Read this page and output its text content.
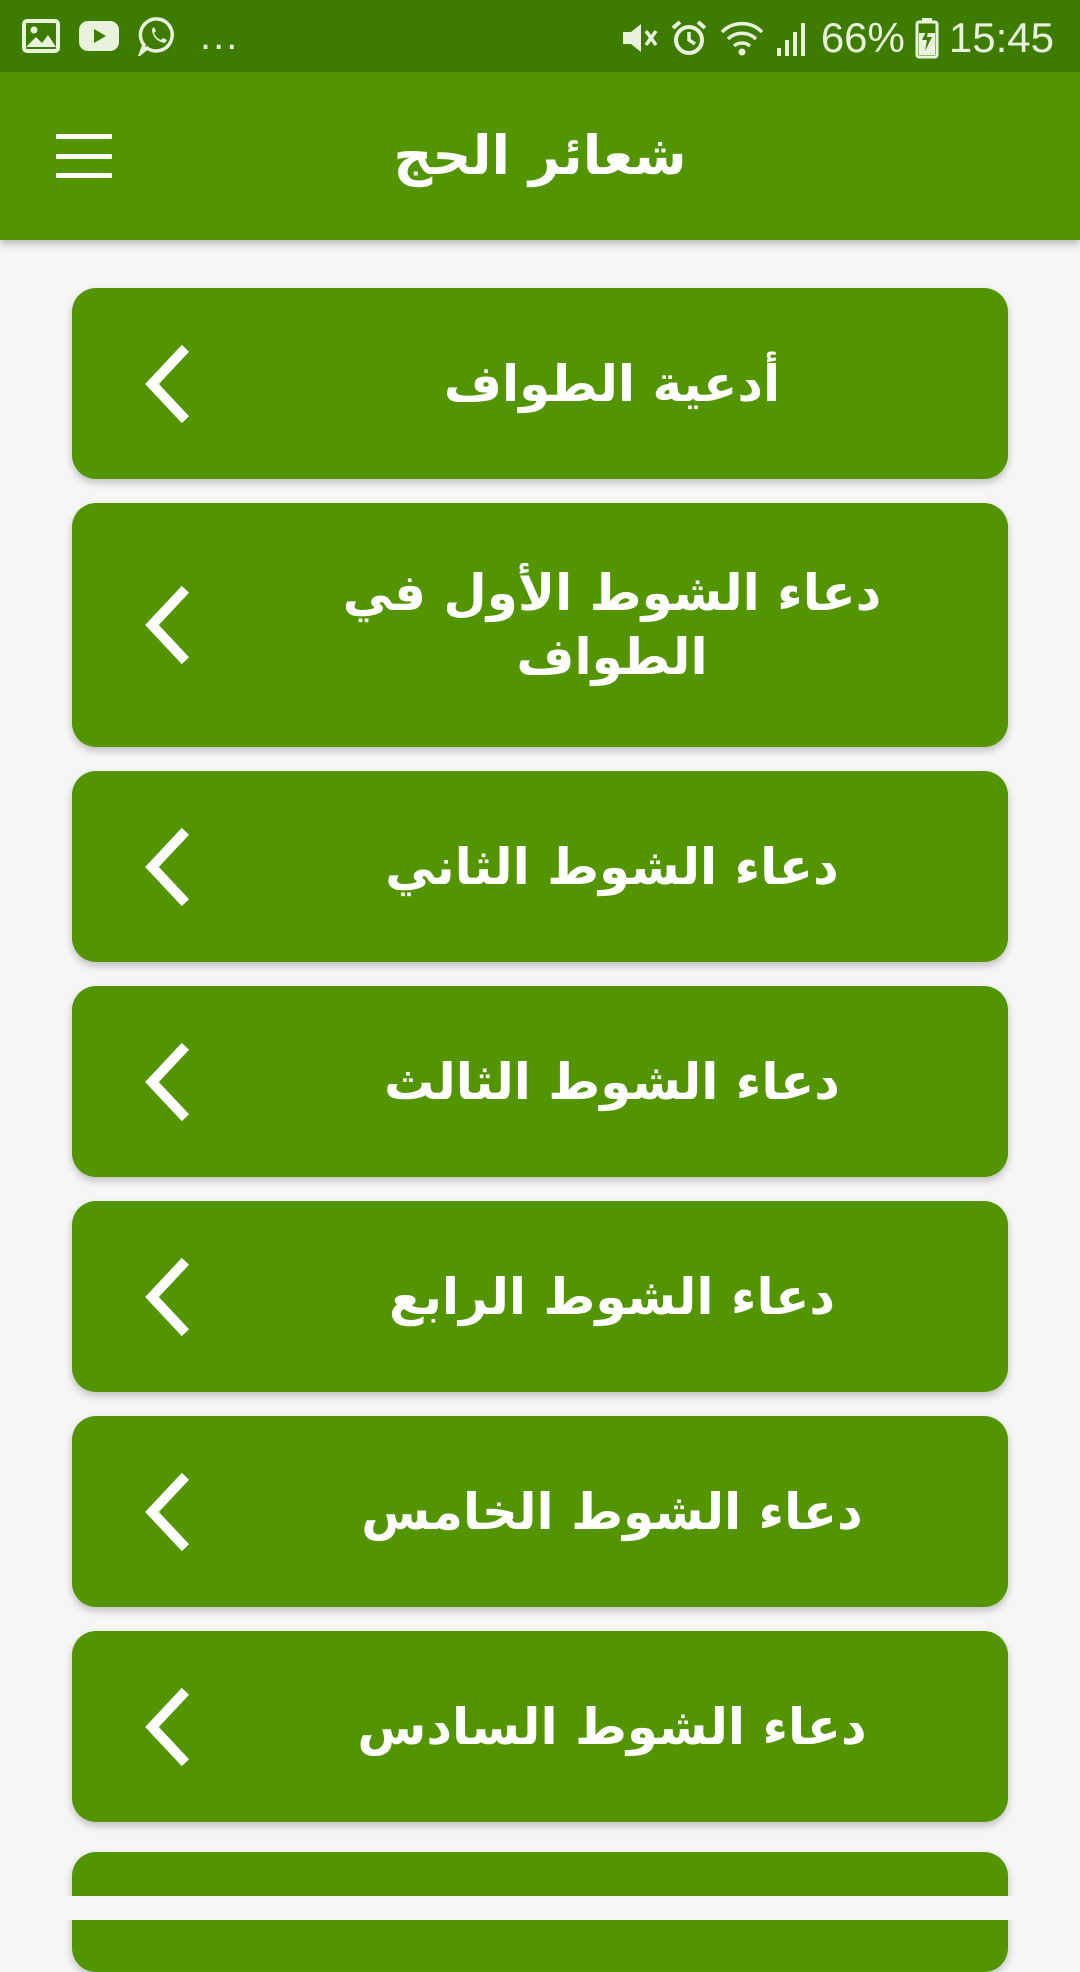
...	66% 15:45
شعائر الحج
أدعية الطواف
دعاء الشوط الأول في الطواف
دعاء الشوط الثاني
دعاء الشوط الثالث
دعاء الشوط الرابع
دعاء الشوط الخامس
دعاء الشوط السادس
